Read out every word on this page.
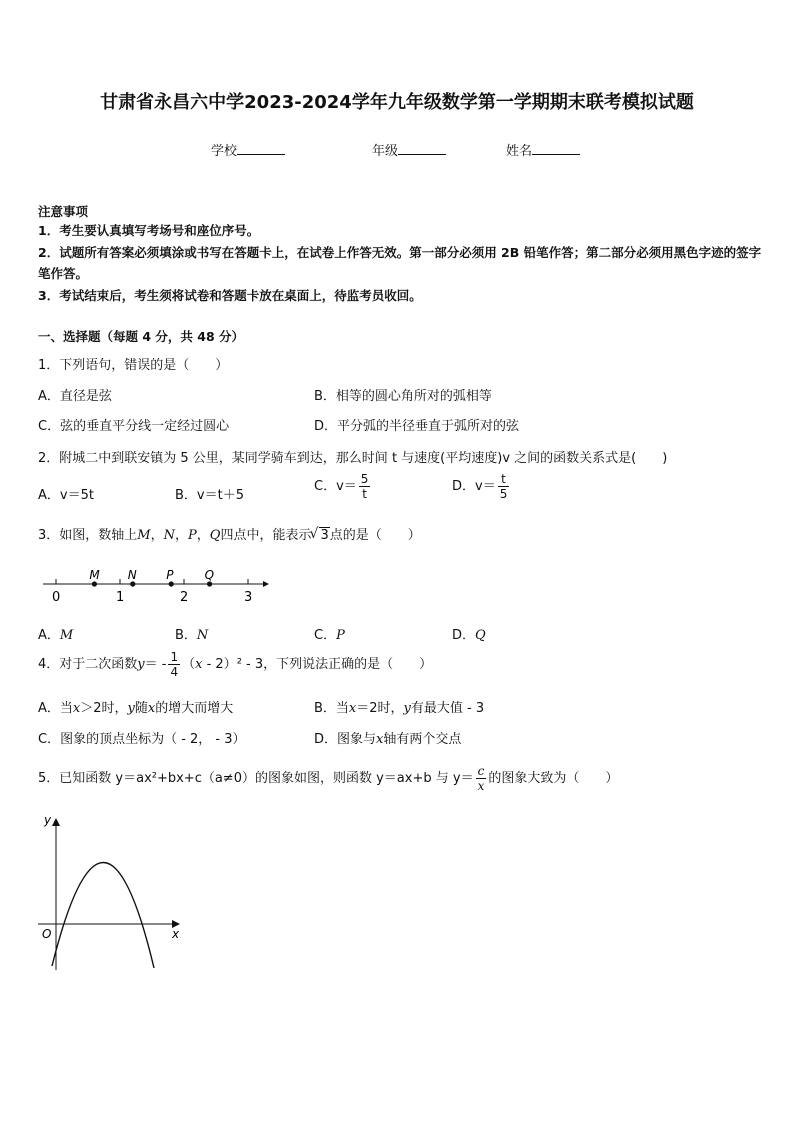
甘肃省永昌六中学2023-2024学年九年级数学第一学期期末联考模拟试题
学校	年级	姓名
注意事项
1．考生要认真填写考场号和座位序号。
2．试题所有答案必须填涂或书写在答题卡上，在试卷上作答无效。第一部分必须用 2B 铅笔作答；第二部分必须用黑色字迹的签字笔作答。
3．考试结束后，考生须将试卷和答题卡放在桌面上，待监考员收回。
一、选择题（每题 4 分，共 48 分）
1．下列语句，错误的是（　　）
A．直径是弦	B．相等的圆心角所对的弧相等
C．弦的垂直平分线一定经过圆心	D．平分弧的半径垂直于弧所对的弦
2．附城二中到联安镇为 5 公里，某同学骑车到达，那么时间 t 与速度(平均速度)v 之间的函数关系式是(　　)
A．v＝5t	B．v＝t＋5
C．$v= \frac{5}{t}$	D．$v= \frac{t}{5}$
3．如图，数轴上M，N，P，Q四点中，能表示√ 3点的是（　　）
0	1	2	3
M N P	Q
A．M	B．N	C．P	D．Q
4．对于二次函数$y= - \frac{1}{4} (x - 2)^2 - 3$，下列说法正确的是（　　）
A．当x＞2时，y随x的增大而增大	B．当x＝2时，y有最大值 - 3
C．图象的顶点坐标为（ - 2， - 3）	D．图象与x轴有两个交点
5．已知函数 y＝ax²+bx+c（a≠0）的图象如图，则函数 y＝ax+b 与 $y= \frac{c}{x}$ 的图象大致为（　　）
y
x
O
